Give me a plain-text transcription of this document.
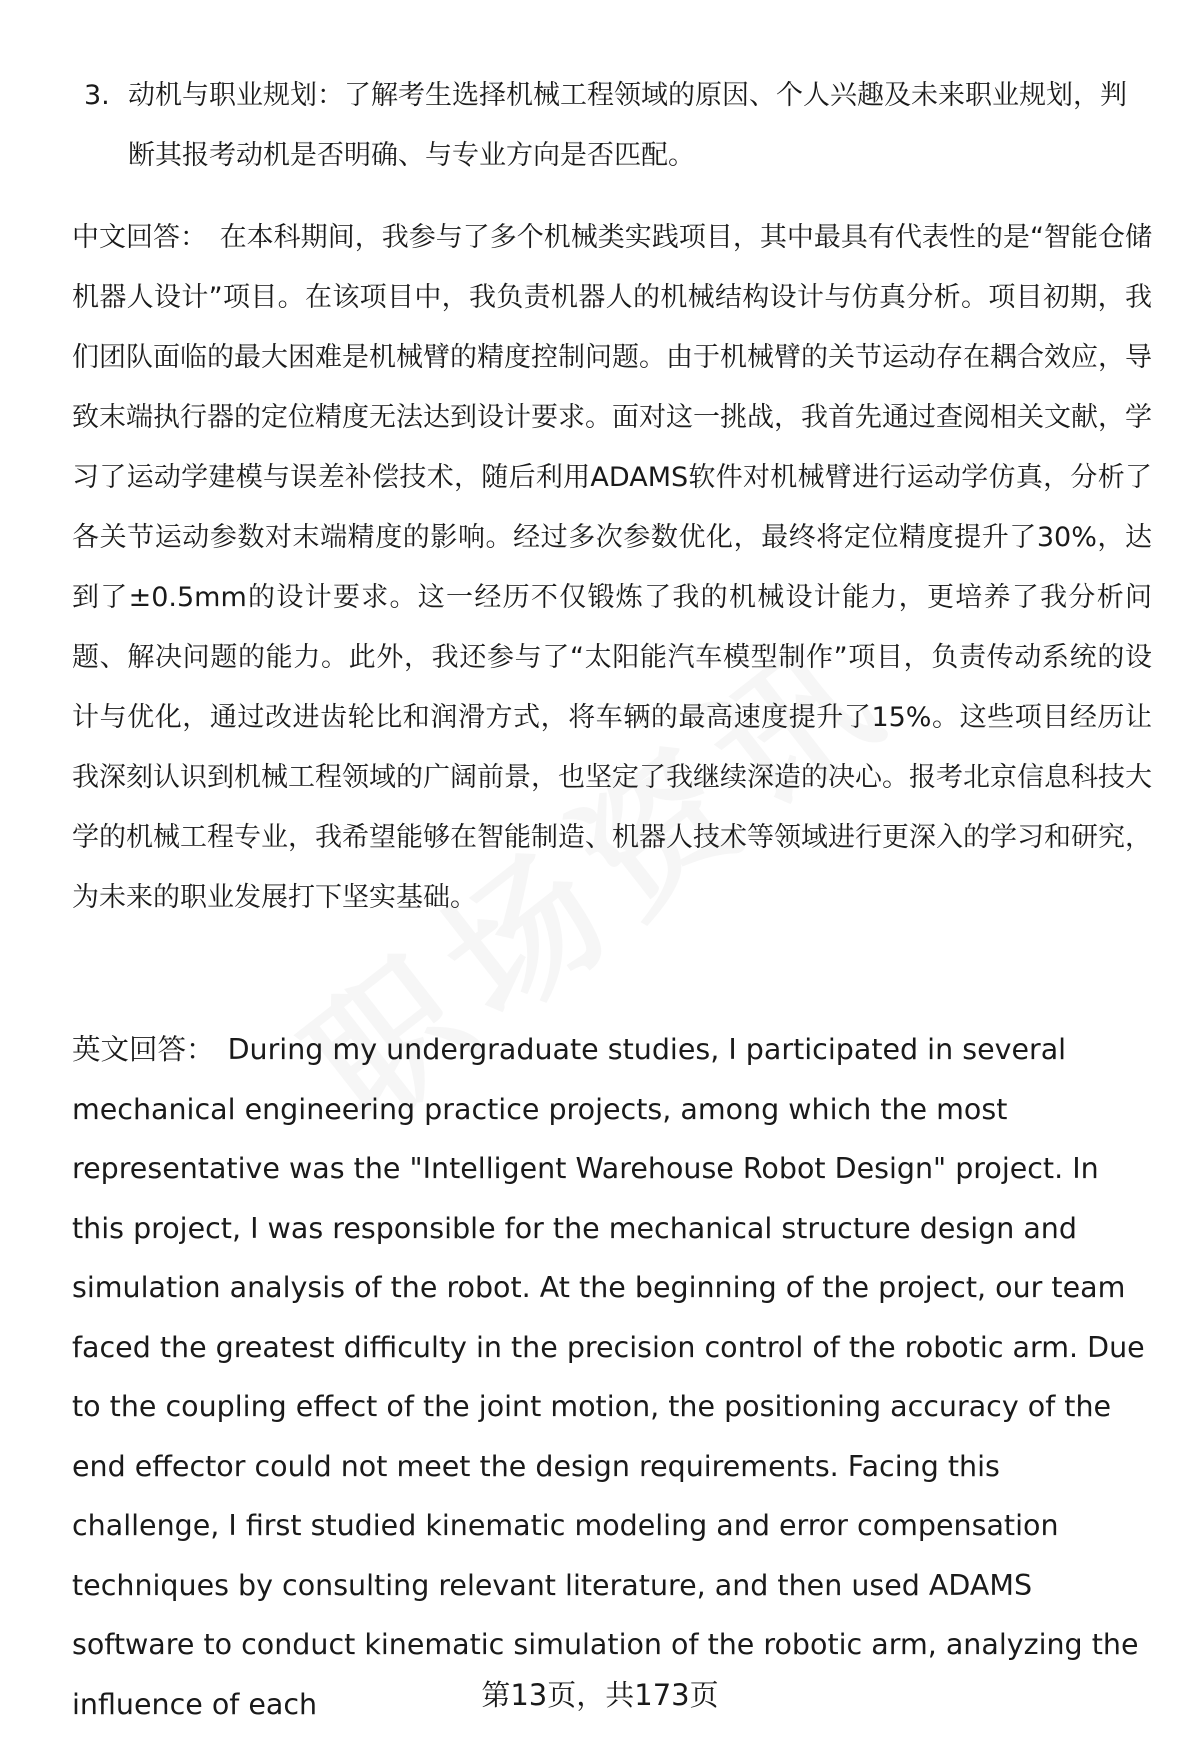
3. 动机与职业规划：了解考生选择机械工程领域的原因、个人兴趣及未来职业规划，判断其报考动机是否明确、与专业方向是否匹配。
中文回答： 在本科期间，我参与了多个机械类实践项目，其中最具有代表性的是“智能仓储机器人设计”项目。在该项目中，我负责机器人的机械结构设计与仿真分析。项目初期，我们团队面临的最大困难是机械臂的精度控制问题。由于机械臂的关节运动存在耦合效应，导致末端执行器的定位精度无法达到设计要求。面对这一挑战，我首先通过查阅相关文献，学习了运动学建模与误差补偿技术，随后利用ADAMS软件对机械臂进行运动学仿真，分析了各关节运动参数对末端精度的影响。经过多次参数优化，最终将定位精度提升了30%，达到了±0.5mm的设计要求。这一经历不仅锻炼了我的机械设计能力，更培养了我分析问题、解决问题的能力。此外，我还参与了“太阳能汽车模型制作”项目，负责传动系统的设计与优化，通过改进齿轮比和润滑方式，将车辆的最高速度提升了15%。这些项目经历让我深刻认识到机械工程领域的广阔前景，也坚定了我继续深造的决心。报考北京信息科技大学的机械工程专业，我希望能够在智能制造、机器人技术等领域进行更深入的学习和研究，为未来的职业发展打下坚实基础。
英文回答： During my undergraduate studies, I participated in several mechanical engineering practice projects, among which the most representative was the "Intelligent Warehouse Robot Design" project. In this project, I was responsible for the mechanical structure design and simulation analysis of the robot. At the beginning of the project, our team faced the greatest difficulty in the precision control of the robotic arm. Due to the coupling effect of the joint motion, the positioning accuracy of the end effector could not meet the design requirements. Facing this challenge, I first studied kinematic modeling and error compensation techniques by consulting relevant literature, and then used ADAMS software to conduct kinematic simulation of the robotic arm, analyzing the influence of each	第13页，共173页
